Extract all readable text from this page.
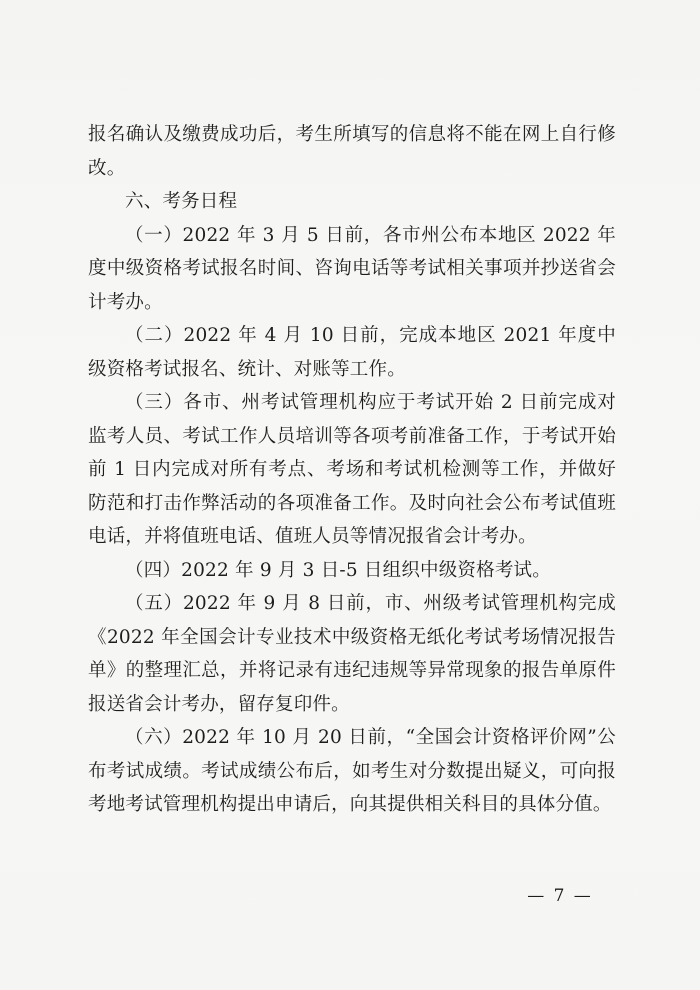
报名确认及缴费成功后，考生所填写的信息将不能在网上自行修改。

六、考务日程

（一）2022 年 3 月 5 日前，各市州公布本地区 2022 年度中级资格考试报名时间、咨询电话等考试相关事项并抄送省会计考办。

（二）2022 年 4 月 10 日前，完成本地区 2021 年度中级资格考试报名、统计、对账等工作。

（三）各市、州考试管理机构应于考试开始 2 日前完成对监考人员、考试工作人员培训等各项考前准备工作，于考试开始前 1 日内完成对所有考点、考场和考试机检测等工作，并做好防范和打击作弊活动的各项准备工作。及时向社会公布考试值班电话，并将值班电话、值班人员等情况报省会计考办。

（四）2022 年 9 月 3 日-5 日组织中级资格考试。

（五）2022 年 9 月 8 日前，市、州级考试管理机构完成《2022 年全国会计专业技术中级资格无纸化考试考场情况报告单》的整理汇总，并将记录有违纪违规等异常现象的报告单原件报送省会计考办，留存复印件。

（六）2022 年 10 月 20 日前，“全国会计资格评价网”公布考试成绩。考试成绩公布后，如考生对分数提出疑义，可向报考地考试管理机构提出申请后，向其提供相关科目的具体分值。

— 7 —
